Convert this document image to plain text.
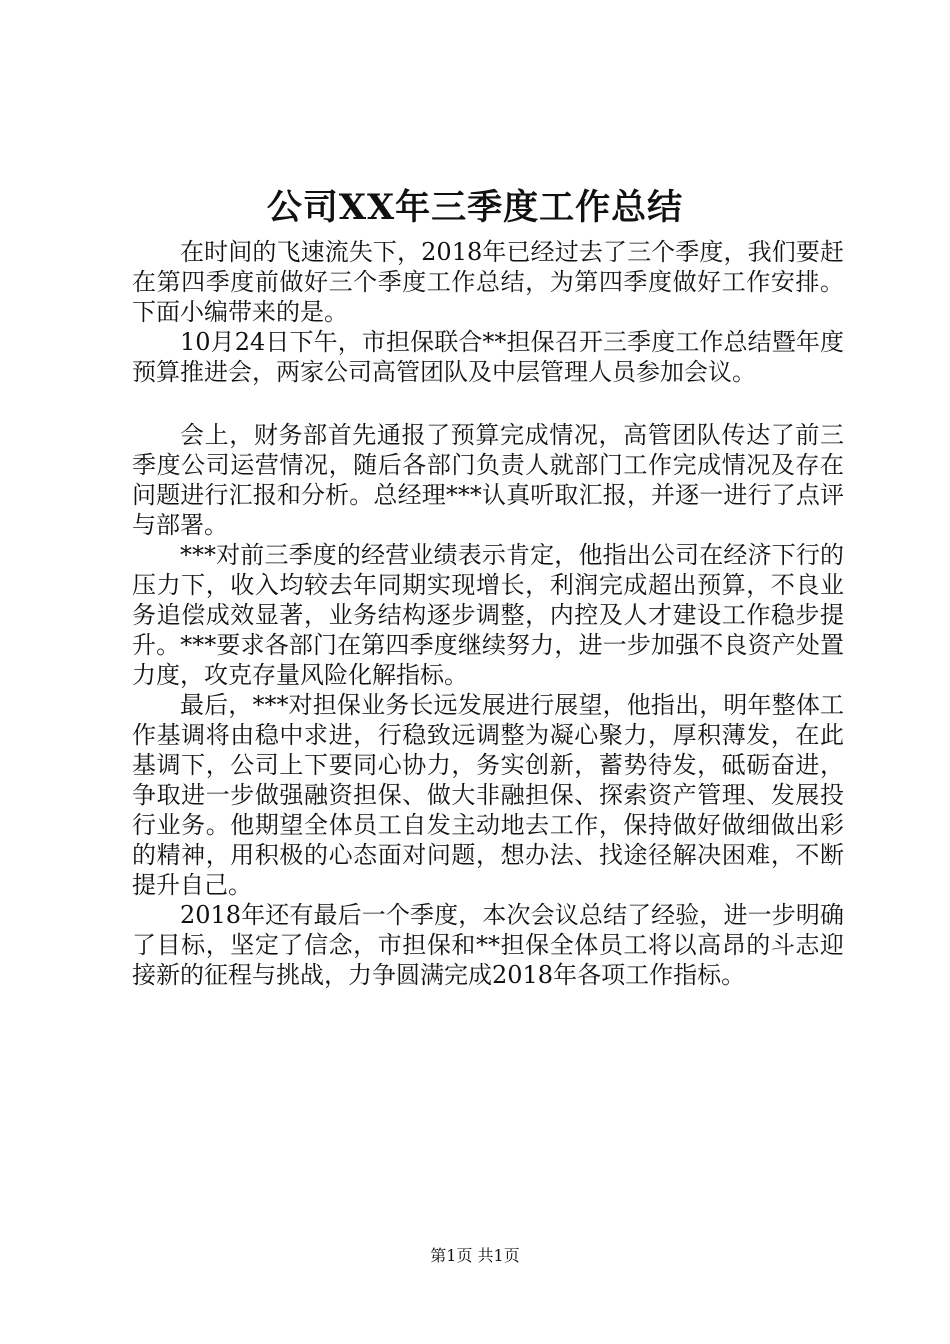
公司XX年三季度工作总结

在时间的飞速流失下，2018年已经过去了三个季度，我们要赶在第四季度前做好三个季度工作总结，为第四季度做好工作安排。下面小编带来的是。

10月24日下午，市担保联合**担保召开三季度工作总结暨年度预算推进会，两家公司高管团队及中层管理人员参加会议。

会上，财务部首先通报了预算完成情况，高管团队传达了前三季度公司运营情况，随后各部门负责人就部门工作完成情况及存在问题进行汇报和分析。总经理***认真听取汇报，并逐一进行了点评与部署。

***对前三季度的经营业绩表示肯定，他指出公司在经济下行的压力下，收入均较去年同期实现增长，利润完成超出预算，不良业务追偿成效显著，业务结构逐步调整，内控及人才建设工作稳步提升。***要求各部门在第四季度继续努力，进一步加强不良资产处置力度，攻克存量风险化解指标。

最后，***对担保业务长远发展进行展望，他指出，明年整体工作基调将由稳中求进，行稳致远调整为凝心聚力，厚积薄发，在此基调下，公司上下要同心协力，务实创新，蓄势待发，砥砺奋进，争取进一步做强融资担保、做大非融担保、探索资产管理、发展投行业务。他期望全体员工自发主动地去工作，保持做好做细做出彩的精神，用积极的心态面对问题，想办法、找途径解决困难，不断提升自己。

2018年还有最后一个季度，本次会议总结了经验，进一步明确了目标，坚定了信念，市担保和**担保全体员工将以高昂的斗志迎接新的征程与挑战，力争圆满完成2018年各项工作指标。

第1页 共1页
